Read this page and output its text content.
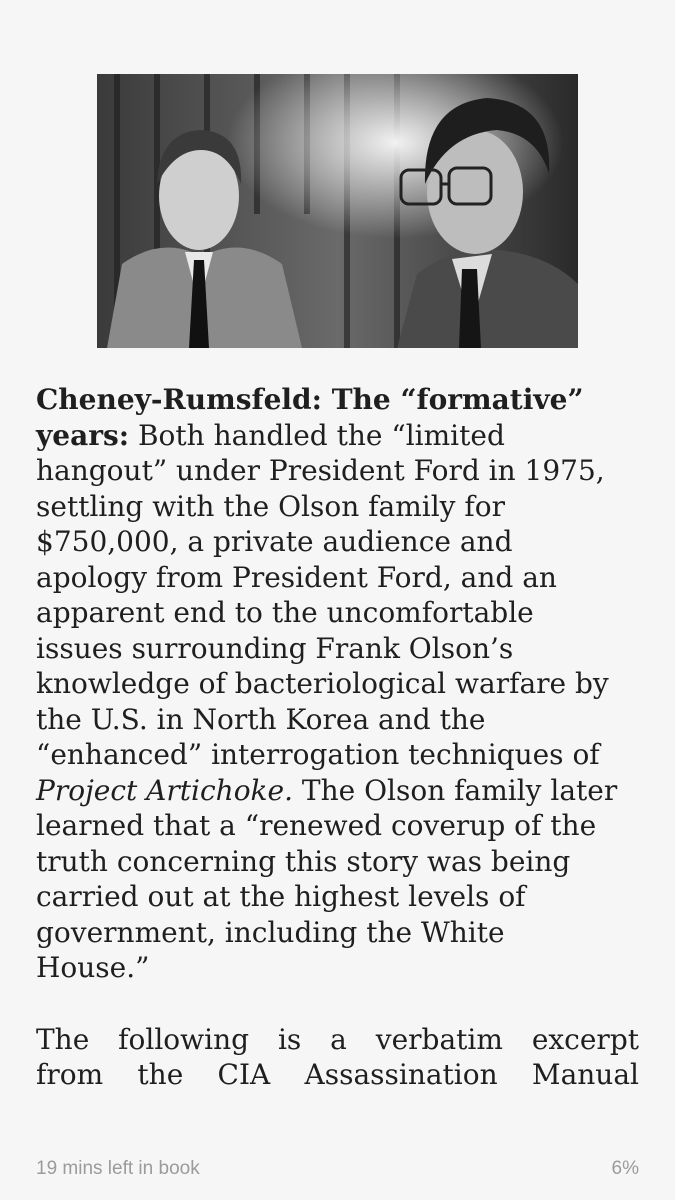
Cheney-Rumsfeld: The “formative”
years: Both handled the “limited
hangout” under President Ford in 1975,
settling with the Olson family for
$750,000, a private audience and
apology from President Ford, and an
apparent end to the uncomfortable
issues surrounding Frank Olson’s
knowledge of bacteriological warfare by
the U.S. in North Korea and the
“enhanced” interrogation techniques of
Project Artichoke. The Olson family later
learned that a “renewed coverup of the
truth concerning this story was being
carried out at the highest levels of
government, including the White
House.”
The following is a verbatim excerpt
from the CIA Assassination Manual
19 mins left in book	6%
